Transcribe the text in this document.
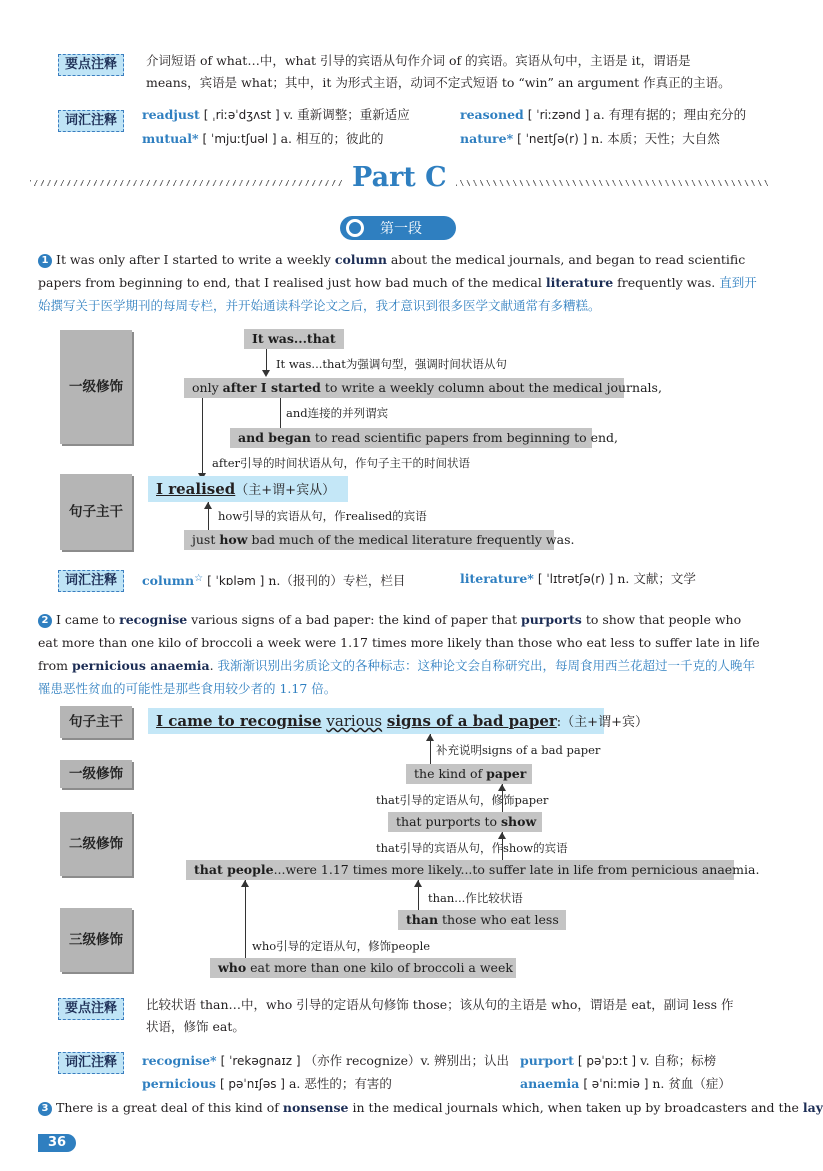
要点注释	介词短语 of what…中，what 引导的宾语从句作介词 of 的宾语。宾语从句中，主语是 it，谓语是
means，宾语是 what；其中，it 为形式主语，动词不定式短语 to “win” an argument 作真正的主语。
词汇注释	readjust [ ˌriːəˈdʒʌst ] v. 重新调整；重新适应	reasoned [ ˈriːzənd ] a. 有理有据的；理由充分的
mutual* [ ˈmjuːtʃuəl ] a. 相互的；彼此的	nature* [ ˈneɪtʃə(r) ] n. 本质；天性；大自然
Part C
第一段
1 It was only after I started to write a weekly column about the medical journals, and began to read scientific papers from beginning to end, that I realised just how bad much of the medical literature frequently was. 直到开始撰写关于医学期刊的每周专栏，并开始通读科学论文之后，我才意识到很多医学文献通常有多糟糕。
一级修饰
句子主干
It was...that
It was...that为强调句型，强调时间状语从句
only after I started to write a weekly column about the medical journals,
and连接的并列谓宾
and began to read scientific papers from beginning to end,
after引导的时间状语从句，作句子主干的时间状语
I realised（主+谓+宾从）
how引导的宾语从句，作realised的宾语
just how bad much of the medical literature frequently was.
词汇注释	column☆ [ ˈkɒləm ] n.（报刊的）专栏，栏目	literature* [ ˈlɪtrətʃə(r) ] n. 文献；文学
2 I came to recognise various signs of a bad paper: the kind of paper that purports to show that people who eat more than one kilo of broccoli a week were 1.17 times more likely than those who eat less to suffer late in life from pernicious anaemia. 我渐渐识别出劣质论文的各种标志：这种论文会自称研究出，每周食用西兰花超过一千克的人晚年罹患恶性贫血的可能性是那些食用较少者的 1.17 倍。
句子主干
一级修饰
二级修饰
三级修饰
I came to recognise various signs of a bad paper:（主+谓+宾）
补充说明signs of a bad paper
the kind of paper
that引导的定语从句，修饰paper
that purports to show
that引导的宾语从句，作show的宾语
that people...were 1.17 times more likely...to suffer late in life from pernicious anaemia.
than...作比较状语
than those who eat less
who引导的定语从句，修饰people
who eat more than one kilo of broccoli a week
要点注释	比较状语 than…中，who 引导的定语从句修饰 those；该从句的主语是 who，谓语是 eat，副词 less 作
状语，修饰 eat。
词汇注释	recognise* [ ˈrekəɡnaɪz ] （亦作 recognize）v. 辨别出；认出 purport [ pəˈpɔːt ] v. 自称；标榜
pernicious [ pəˈnɪʃəs ] a. 恶性的；有害的	anaemia [ əˈniːmiə ] n. 贫血（症）
3 There is a great deal of this kind of nonsense in the medical journals which, when taken up by broadcasters and the lay
36
